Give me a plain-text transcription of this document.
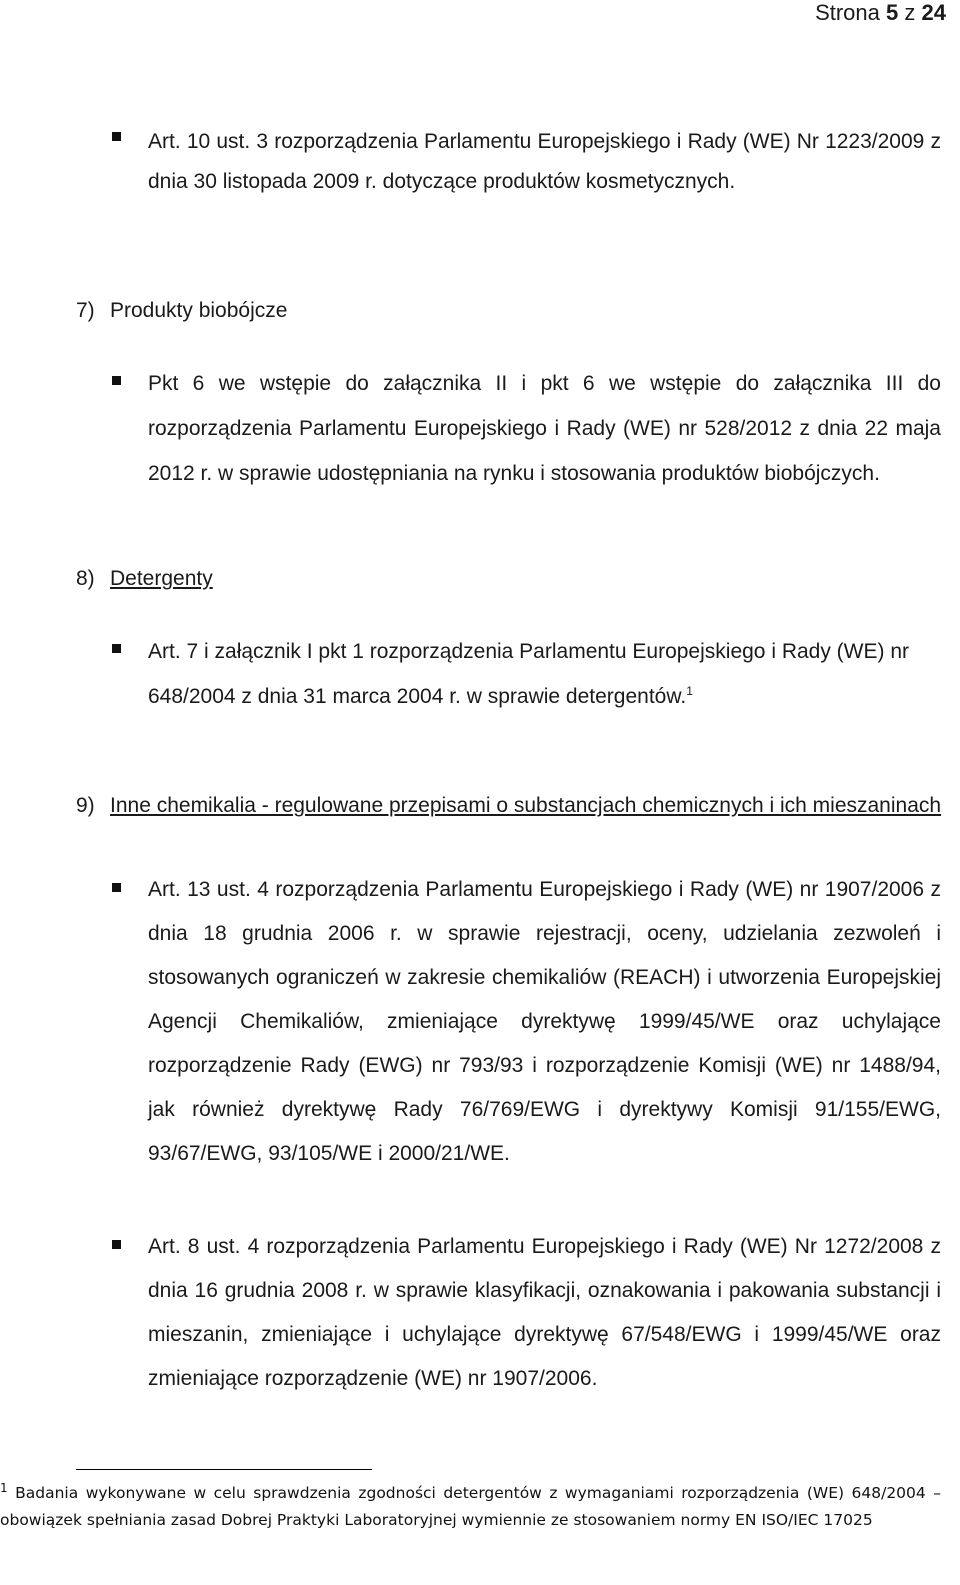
Strona 5 z 24

Art. 10 ust. 3 rozporządzenia Parlamentu Europejskiego i Rady (WE) Nr 1223/2009 z dnia 30 listopada 2009 r. dotyczące produktów kosmetycznych.

7) Produkty biobójcze

Pkt 6 we wstępie do załącznika II i pkt 6 we wstępie do załącznika III do rozporządzenia Parlamentu Europejskiego i Rady (WE) nr 528/2012 z dnia 22 maja 2012 r. w sprawie udostępniania na rynku i stosowania produktów biobójczych.

8) Detergenty

Art. 7 i załącznik I pkt 1 rozporządzenia Parlamentu Europejskiego i Rady (WE) nr 648/2004 z dnia 31 marca 2004 r. w sprawie detergentów.$^1$

9) Inne chemikalia - regulowane przepisami o substancjach chemicznych i ich mieszaninach

Art. 13 ust. 4 rozporządzenia Parlamentu Europejskiego i Rady (WE) nr 1907/2006 z dnia 18 grudnia 2006 r. w sprawie rejestracji, oceny, udzielania zezwoleń i stosowanych ograniczeń w zakresie chemikaliów (REACH) i utworzenia Europejskiej Agencji Chemikaliów, zmieniające dyrektywę 1999/45/WE oraz uchylające rozporządzenie Rady (EWG) nr 793/93 i rozporządzenie Komisji (WE) nr 1488/94, jak również dyrektywę Rady 76/769/EWG i dyrektywy Komisji 91/155/EWG, 93/67/EWG, 93/105/WE i 2000/21/WE.

Art. 8 ust. 4 rozporządzenia Parlamentu Europejskiego i Rady (WE) Nr 1272/2008 z dnia 16 grudnia 2008 r. w sprawie klasyfikacji, oznakowania i pakowania substancji i mieszanin, zmieniające i uchylające dyrektywę 67/548/EWG i 1999/45/WE oraz zmieniające rozporządzenie (WE) nr 1907/2006.

$^1$ Badania wykonywane w celu sprawdzenia zgodności detergentów z wymaganiami rozporządzenia (WE) 648/2004 – obowiązek spełniania zasad Dobrej Praktyki Laboratoryjnej wymiennie ze stosowaniem normy EN ISO/IEC 17025
